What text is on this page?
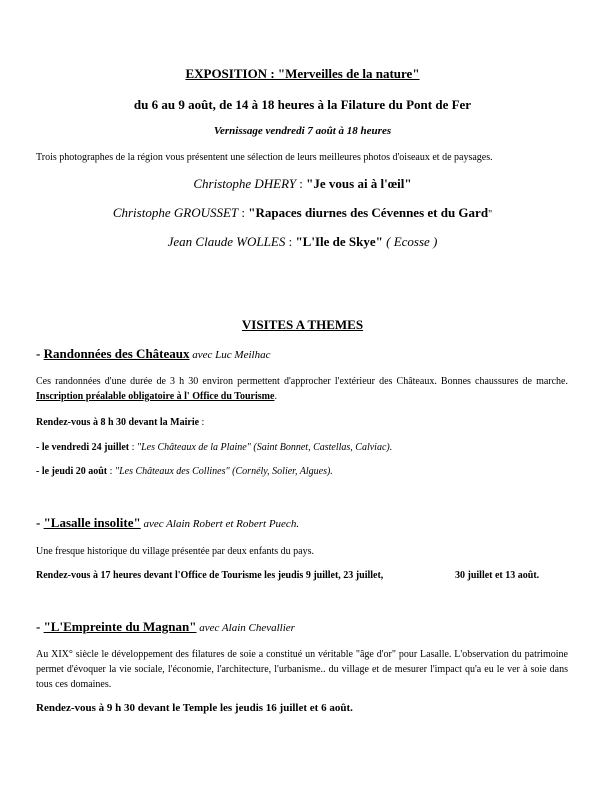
EXPOSITION : "Merveilles de la nature"
du 6 au 9 août, de 14 à 18 heures à la Filature du Pont de Fer
Vernissage vendredi 7 août à 18 heures
Trois photographes de la région vous présentent une sélection de leurs meilleures photos d'oiseaux et de paysages.
Christophe DHERY : "Je vous ai à l'œil"
Christophe GROUSSET : "Rapaces diurnes des Cévennes et du Gard"
Jean Claude WOLLES : "L'Ile de Skye" ( Ecosse )
VISITES A THEMES
- Randonnées des Châteaux avec Luc Meilhac
Ces randonnées d'une durée de 3 h 30 environ permettent d'approcher l'extérieur des Châteaux. Bonnes chaussures de marche. Inscription préalable obligatoire à l' Office du Tourisme.
Rendez-vous à 8 h 30 devant la Mairie :
- le vendredi 24 juillet : "Les Châteaux de la Plaine" (Saint Bonnet, Castellas, Calviac).
- le jeudi 20 août : "Les Châteaux des Collines" (Cornély, Solier, Algues).
- "Lasalle insolite" avec Alain Robert et Robert Puech.
Une fresque historique du village présentée par deux enfants du pays.
Rendez-vous à 17 heures devant l'Office de Tourisme les jeudis 9 juillet, 23 juillet,	30 juillet et 13 août.
- "L'Empreinte du Magnan" avec Alain Chevallier
Au XIX° siècle le développement des filatures de soie a constitué un véritable "âge d'or" pour Lasalle. L'observation du patrimoine permet d'évoquer la vie sociale, l'économie, l'architecture, l'urbanisme.. du village et de mesurer l'impact qu'a eu le ver à soie dans tous ces domaines.
Rendez-vous à 9 h 30 devant le Temple les jeudis 16 juillet et 6 août.
